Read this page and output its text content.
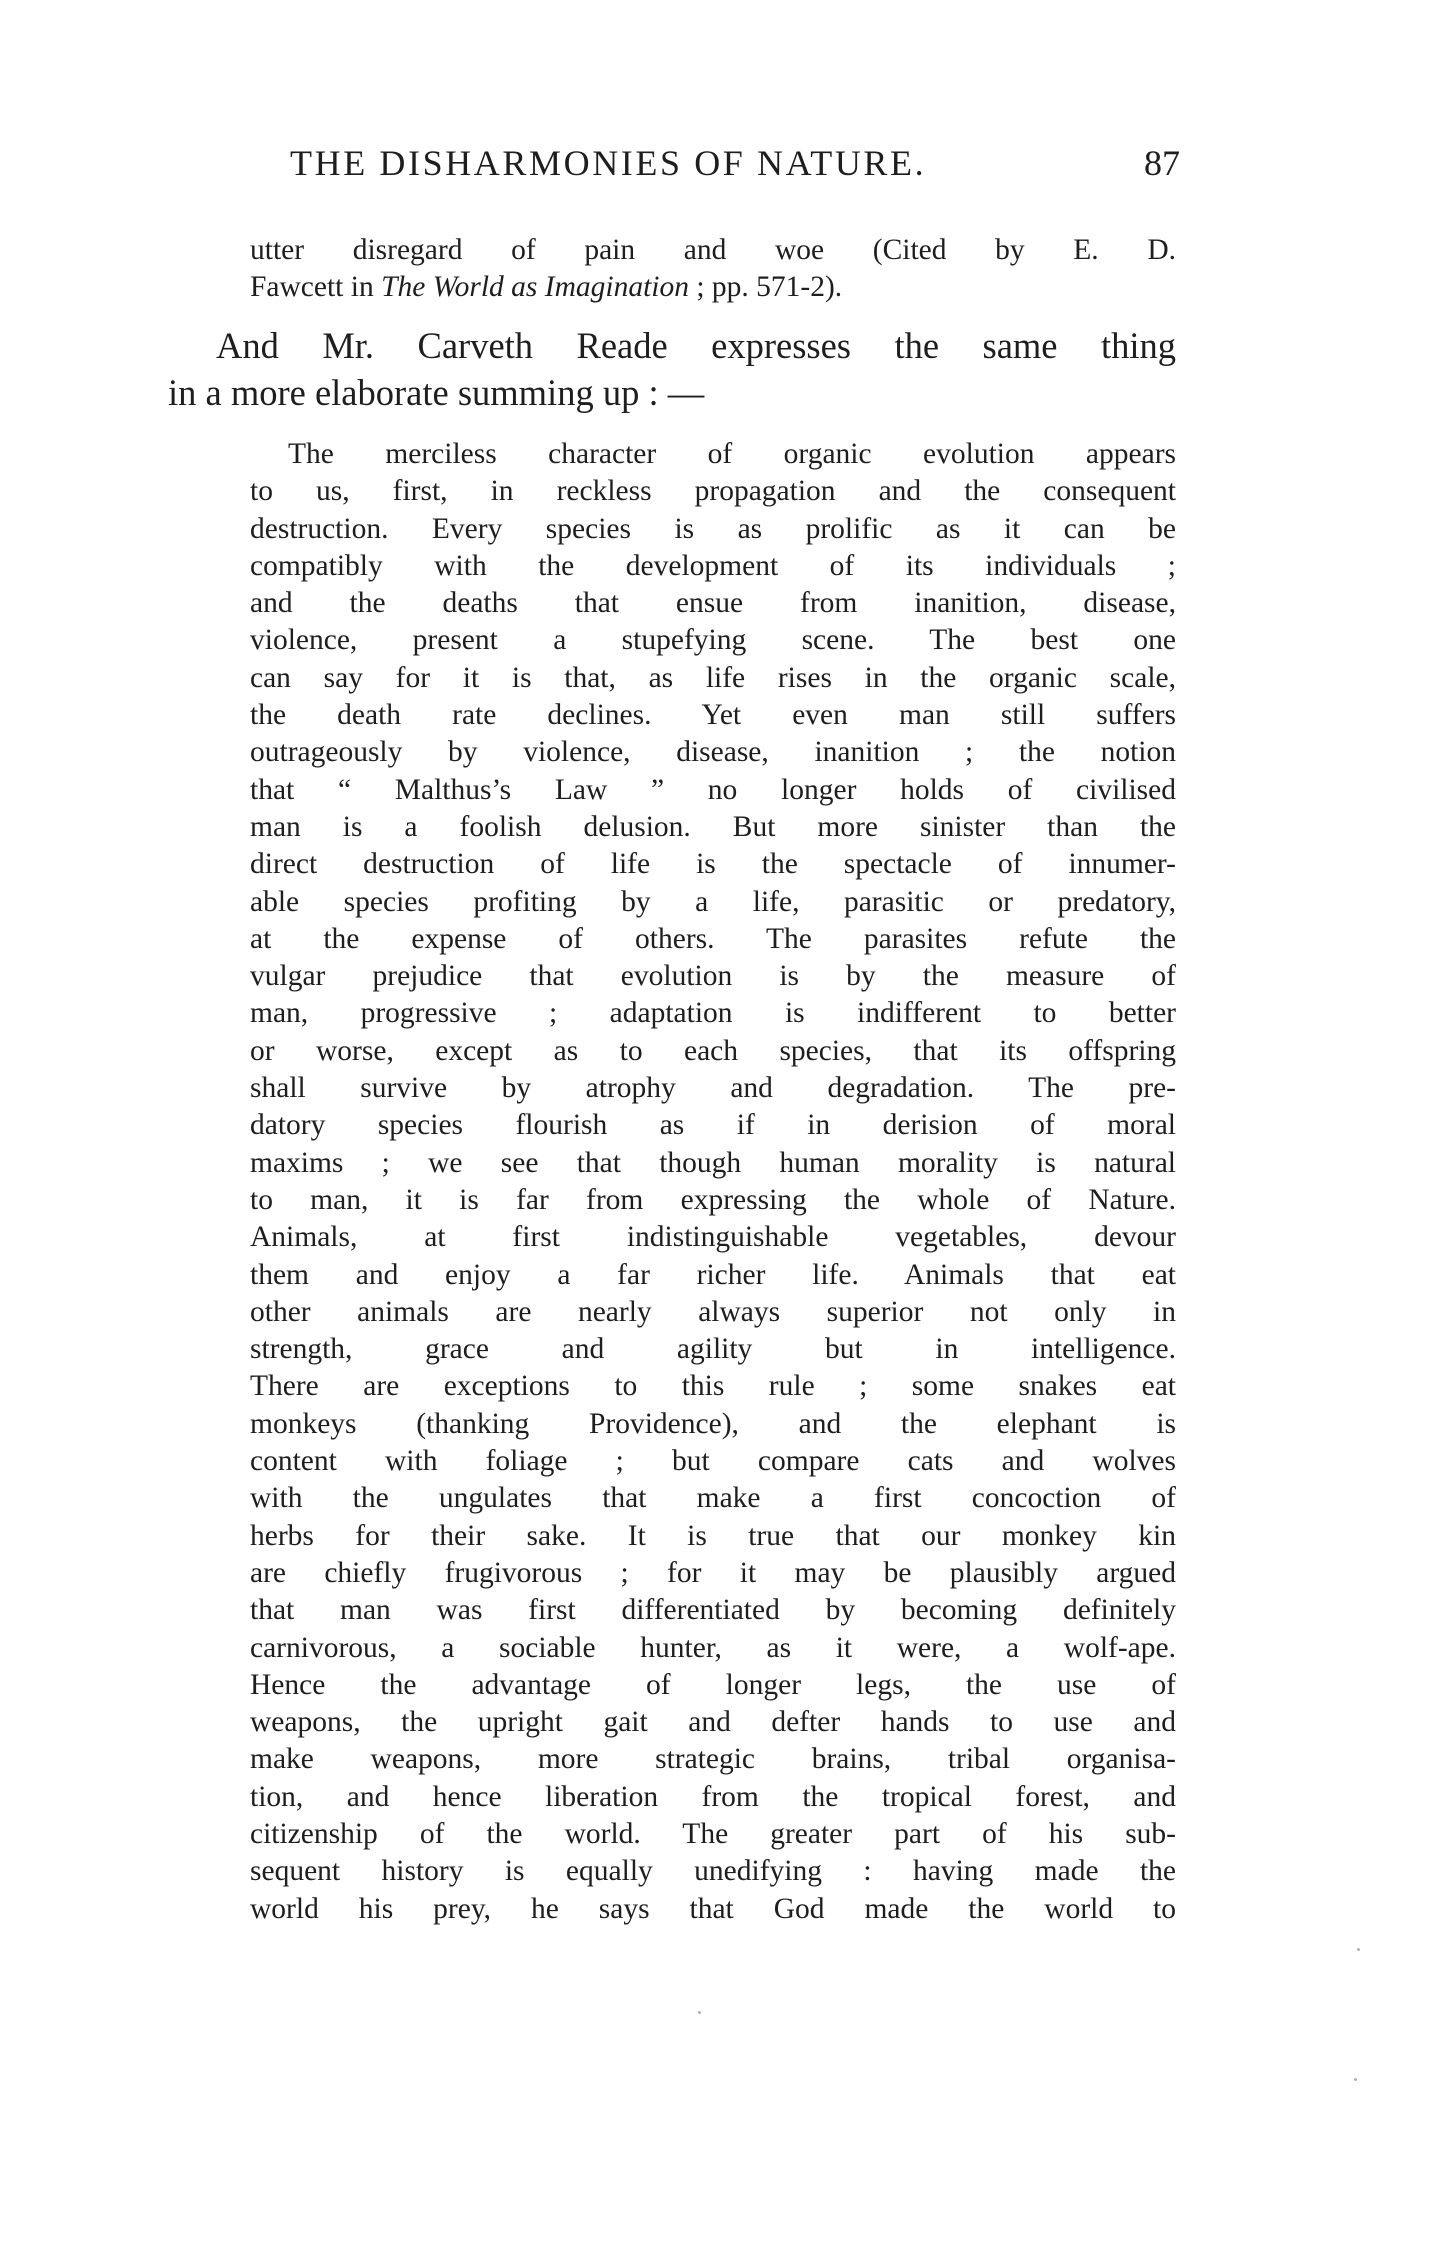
THE DISHARMONIES OF NATURE.	87
utter disregard of pain and woe (Cited by E. D.
Fawcett in The World as Imagination ; pp. 571-2).
And Mr. Carveth Reade expresses the same thing
in a more elaborate summing up : —
The merciless character of organic evolution appears
to us, first, in reckless propagation and the consequent
destruction. Every species is as prolific as it can be
compatibly with the development of its individuals ;
and the deaths that ensue from inanition, disease,
violence, present a stupefying scene. The best one
can say for it is that, as life rises in the organic scale,
the death rate declines. Yet even man still suffers
outrageously by violence, disease, inanition ; the notion
that “ Malthus’s Law ” no longer holds of civilised
man is a foolish delusion. But more sinister than the
direct destruction of life is the spectacle of innumer-
able species profiting by a life, parasitic or predatory,
at the expense of others. The parasites refute the
vulgar prejudice that evolution is by the measure of
man, progressive ; adaptation is indifferent to better
or worse, except as to each species, that its offspring
shall survive by atrophy and degradation. The pre-
datory species flourish as if in derision of moral
maxims ; we see that though human morality is natural
to man, it is far from expressing the whole of Nature.
Animals, at first indistinguishable vegetables, devour
them and enjoy a far richer life. Animals that eat
other animals are nearly always superior not only in
strength, grace and agility but in intelligence.
There are exceptions to this rule ; some snakes eat
monkeys (thanking Providence), and the elephant is
content with foliage ; but compare cats and wolves
with the ungulates that make a first concoction of
herbs for their sake. It is true that our monkey kin
are chiefly frugivorous ; for it may be plausibly argued
that man was first differentiated by becoming definitely
carnivorous, a sociable hunter, as it were, a wolf-ape.
Hence the advantage of longer legs, the use of
weapons, the upright gait and defter hands to use and
make weapons, more strategic brains, tribal organisa-
tion, and hence liberation from the tropical forest, and
citizenship of the world. The greater part of his sub-
sequent history is equally unedifying : having made the
world his prey, he says that God made the world to
